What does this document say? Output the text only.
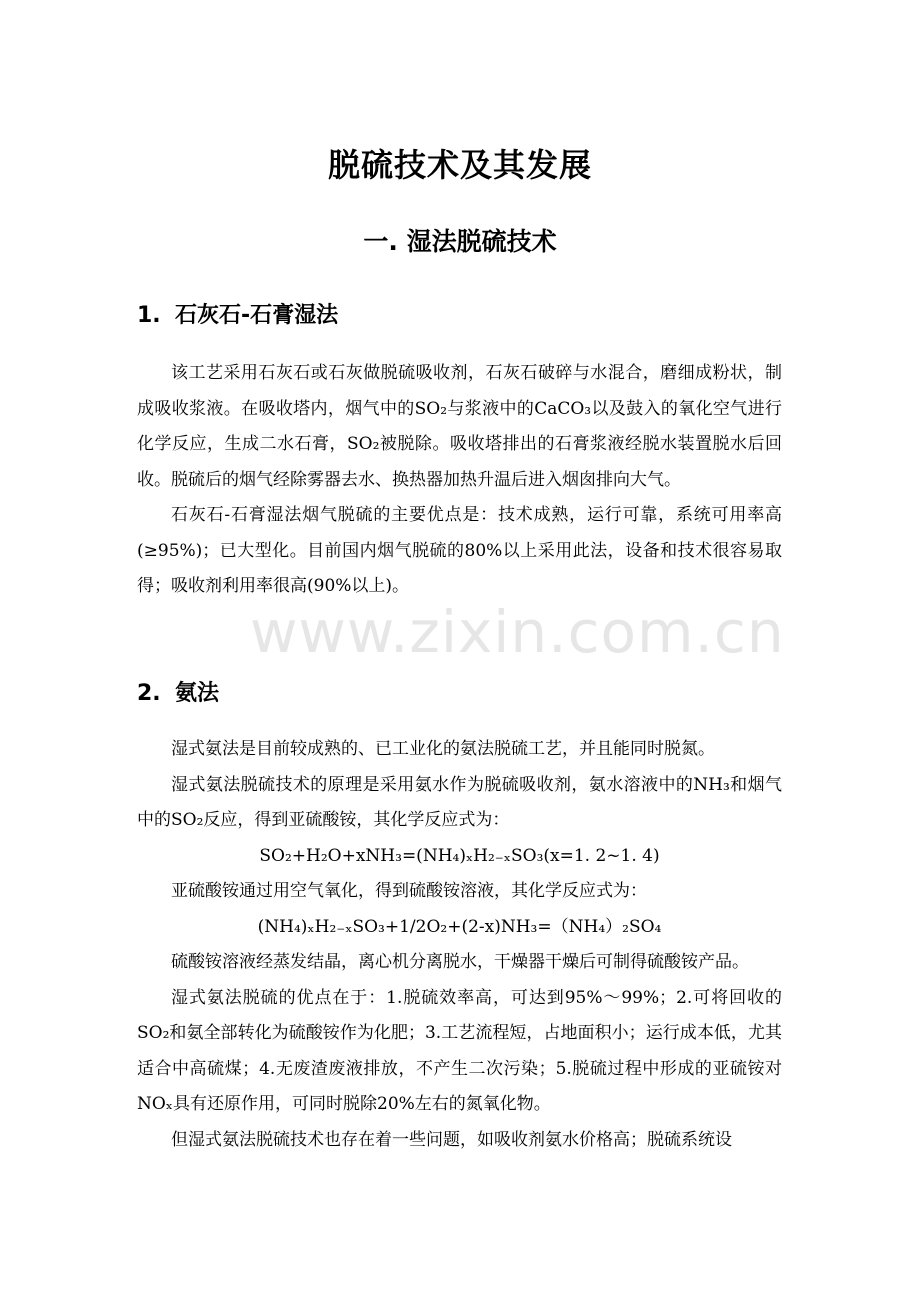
www.zixin.com.cn
脱硫技术及其发展
一. 湿法脱硫技术
1. 石灰石-石膏湿法

该工艺采用石灰石或石灰做脱硫吸收剂，石灰石破碎与水混合，磨细成粉状，制成吸收浆液。在吸收塔内，烟气中的SO₂与浆液中的CaCO₃以及鼓入的氧化空气进行化学反应，生成二水石膏，SO₂被脱除。吸收塔排出的石膏浆液经脱水装置脱水后回收。脱硫后的烟气经除雾器去水、换热器加热升温后进入烟囱排向大气。

石灰石-石膏湿法烟气脱硫的主要优点是：技术成熟，运行可靠，系统可用率高(≥95%)；已大型化。目前国内烟气脱硫的80%以上采用此法，设备和技术很容易取得；吸收剂利用率很高(90%以上)。

2. 氨法

湿式氨法是目前较成熟的、已工业化的氨法脱硫工艺，并且能同时脱氮。

湿式氨法脱硫技术的原理是采用氨水作为脱硫吸收剂，氨水溶液中的NH₃和烟气中的SO₂反应，得到亚硫酸铵，其化学反应式为：

SO₂+H₂O+xNH₃=(NH₄)ₓH₂₋ₓSO₃(x=1. 2~1. 4)

亚硫酸铵通过用空气氧化，得到硫酸铵溶液，其化学反应式为：

(NH₄)ₓH₂₋ₓSO₃+1/2O₂+(2-x)NH₃=（NH₄）₂SO₄

硫酸铵溶液经蒸发结晶，离心机分离脱水，干燥器干燥后可制得硫酸铵产品。

湿式氨法脱硫的优点在于：1.脱硫效率高，可达到95%～99%；2.可将回收的SO₂和氨全部转化为硫酸铵作为化肥；3.工艺流程短，占地面积小；运行成本低，尤其适合中高硫煤；4.无废渣废液排放，不产生二次污染；5.脱硫过程中形成的亚硫铵对NOₓ具有还原作用，可同时脱除20%左右的氮氧化物。

但湿式氨法脱硫技术也存在着一些问题，如吸收剂氨水价格高；脱硫系统设
